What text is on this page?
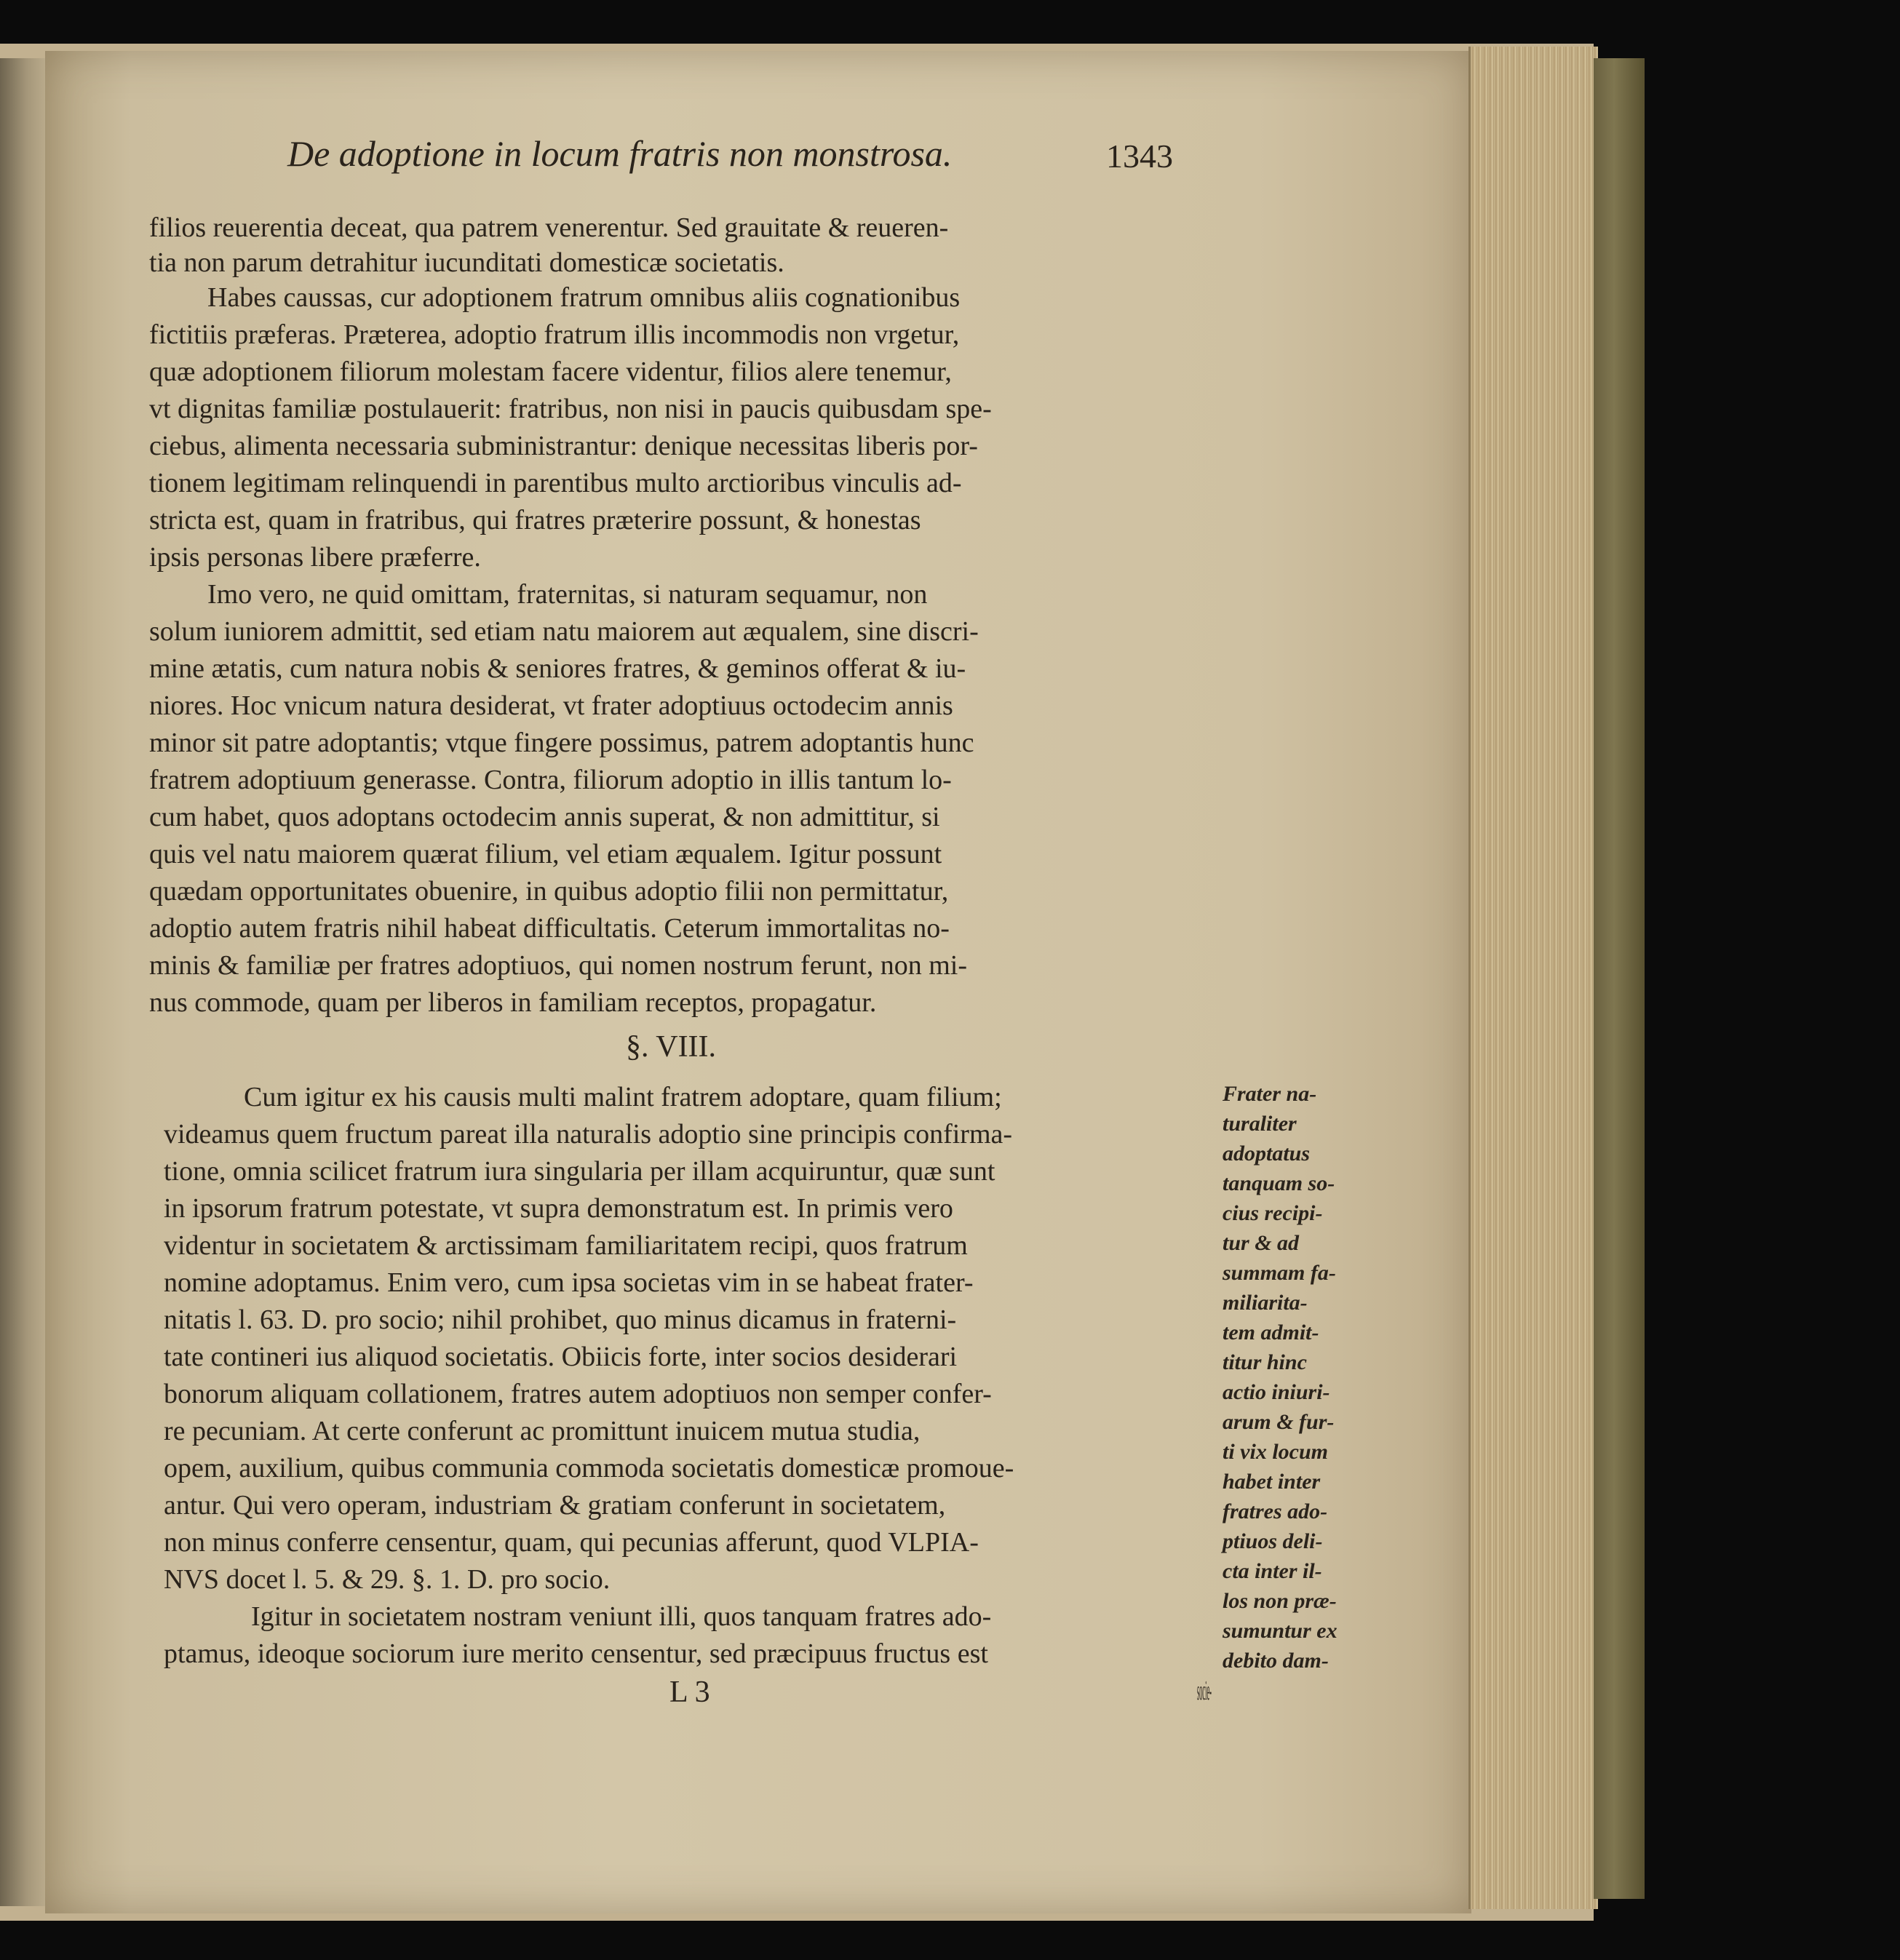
De adoptione in locum fratris non monstrosa.	1343
filios reuerentia deceat, qua patrem venerentur. Sed grauitate & reueren-
tia non parum detrahitur iucunditati domesticæ societatis.
Habes caussas, cur adoptionem fratrum omnibus aliis cognationibus
fictitiis præferas. Præterea, adoptio fratrum illis incommodis non vrgetur,
quæ adoptionem filiorum molestam facere videntur, filios alere tenemur,
vt dignitas familiæ postulauerit: fratribus, non nisi in paucis quibusdam spe-
ciebus, alimenta necessaria subministrantur: denique necessitas liberis por-
tionem legitimam relinquendi in parentibus multo arctioribus vinculis ad-
stricta est, quam in fratribus, qui fratres præterire possunt, & honestas
ipsis personas libere præferre.
Imo vero, ne quid omittam, fraternitas, si naturam sequamur, non
solum iuniorem admittit, sed etiam natu maiorem aut æqualem, sine discri-
mine ætatis, cum natura nobis & seniores fratres, & geminos offerat & iu-
niores. Hoc vnicum natura desiderat, vt frater adoptiuus octodecim annis
minor sit patre adoptantis; vtque fingere possimus, patrem adoptantis hunc
fratrem adoptiuum generasse. Contra, filiorum adoptio in illis tantum lo-
cum habet, quos adoptans octodecim annis superat, & non admittitur, si
quis vel natu maiorem quærat filium, vel etiam æqualem. Igitur possunt
quædam opportunitates obuenire, in quibus adoptio filii non permittatur,
adoptio autem fratris nihil habeat difficultatis. Ceterum immortalitas no-
minis & familiæ per fratres adoptiuos, qui nomen nostrum ferunt, non mi-
nus commode, quam per liberos in familiam receptos, propagatur.
§. VIII.
Cum igitur ex his causis multi malint fratrem adoptare, quam filium;
videamus quem fructum pareat illa naturalis adoptio sine principis confirma-
tione, omnia scilicet fratrum iura singularia per illam acquiruntur, quæ sunt
in ipsorum fratrum potestate, vt supra demonstratum est. In primis vero
videntur in societatem & arctissimam familiaritatem recipi, quos fratrum
nomine adoptamus. Enim vero, cum ipsa societas vim in se habeat frater-
nitatis l. 63. D. pro socio; nihil prohibet, quo minus dicamus in fraterni-
tate contineri ius aliquod societatis. Obiicis forte, inter socios desiderari
bonorum aliquam collationem, fratres autem adoptiuos non semper confer-
re pecuniam. At certe conferunt ac promittunt inuicem mutua studia,
opem, auxilium, quibus communia commoda societatis domesticæ promoue-
antur. Qui vero operam, industriam & gratiam conferunt in societatem,
non minus conferre censentur, quam, qui pecunias afferunt, quod VLPIA-
NVS docet l. 5. & 29. §. 1. D. pro socio.
Igitur in societatem nostram veniunt illi, quos tanquam fratres ado-
ptamus, ideoque sociorum iure merito censentur, sed præcipuus fructus est
L 3	socie-
Frater na-
turaliter
adoptatus
tanquam so-
cius recipi-
tur & ad
summam fa-
miliarita-
tem admit-
titur hinc
actio iniuri-
arum & fur-
ti vix locum
habet inter
fratres ado-
ptiuos deli-
cta inter il-
los non præ-
sumuntur ex
debito dam-
